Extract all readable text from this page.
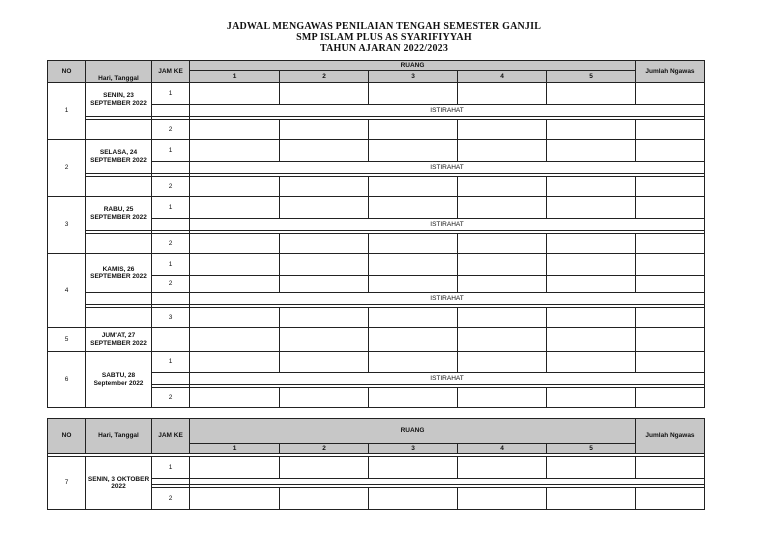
JADWAL MENGAWAS PENILAIAN TENGAH SEMESTER GANJIL
SMP ISLAM PLUS AS SYARIFIYYAH
TAHUN AJARAN 2022/2023
NO	Hari, Tanggal	JAM KE	RUANG					Jumlah Ngawas
			1	2	3	4	5	
1	SENIN, 23 SEPTEMBER 2022	1						
			ISTIRAHAT					

		2						
2	SELASA, 24 SEPTEMBER 2022	1						
			ISTIRAHAT					

		2						
3	RABU, 25 SEPTEMBER 2022	1						
			ISTIRAHAT					

		2						
4	KAMIS, 26 SEPTEMBER 2022	1						
		2						
			ISTIRAHAT					

		3						
5	JUM'AT, 27 SEPTEMBER 2022							
6	SABTU, 28 September 2022	1						
			ISTIRAHAT					

		2						
NO	Hari, Tanggal	JAM KE	RUANG					Jumlah Ngawas
			1	2	3	4	5	

7	SENIN, 3 OKTOBER 2022	1						

		2						
